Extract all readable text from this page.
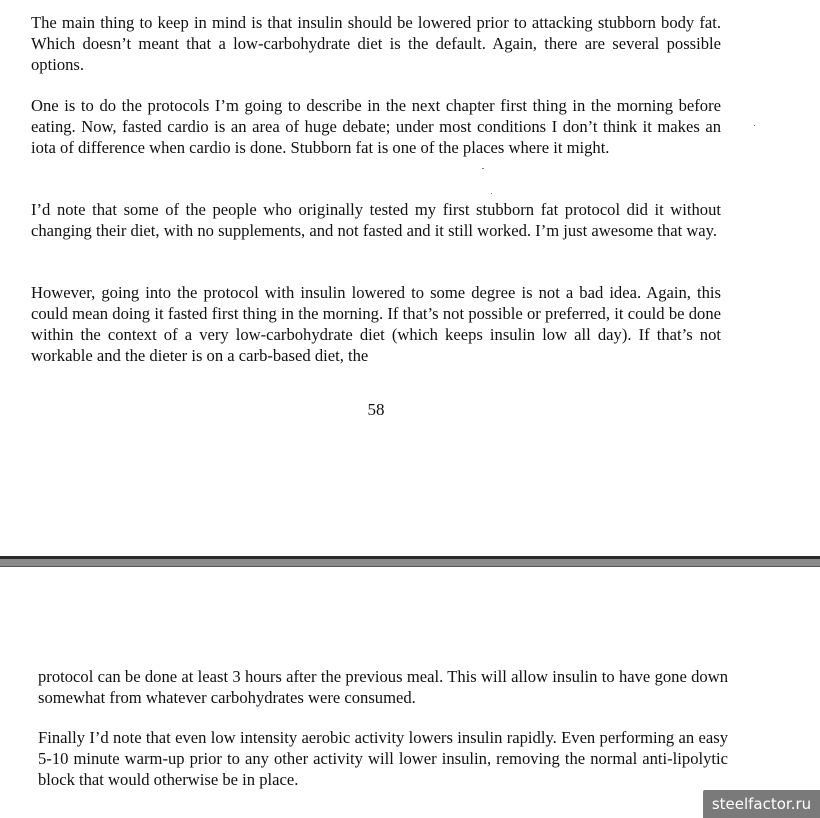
The main thing to keep in mind is that insulin should be lowered prior to attacking stubborn body fat. Which doesn’t meant that a low-carbohydrate diet is the default. Again, there are several possible options.

One is to do the protocols I’m going to describe in the next chapter first thing in the morning before eating. Now, fasted cardio is an area of huge debate; under most conditions I don’t think it makes an iota of difference when cardio is done. Stubborn fat is one of the places where it might.

I’d note that some of the people who originally tested my first stubborn fat protocol did it without changing their diet, with no supplements, and not fasted and it still worked. I’m just awesome that way.

However, going into the protocol with insulin lowered to some degree is not a bad idea. Again, this could mean doing it fasted first thing in the morning. If that’s not possible or preferred, it could be done within the context of a very low-carbohydrate diet (which keeps insulin low all day). If that’s not workable and the dieter is on a carb-based diet, the

58

protocol can be done at least 3 hours after the previous meal. This will allow insulin to have gone down somewhat from whatever carbohydrates were consumed.

Finally I’d note that even low intensity aerobic activity lowers insulin rapidly. Even performing an easy 5-10 minute warm-up prior to any other activity will lower insulin, removing the normal anti-lipolytic block that would otherwise be in place.

steelfactor.ru
